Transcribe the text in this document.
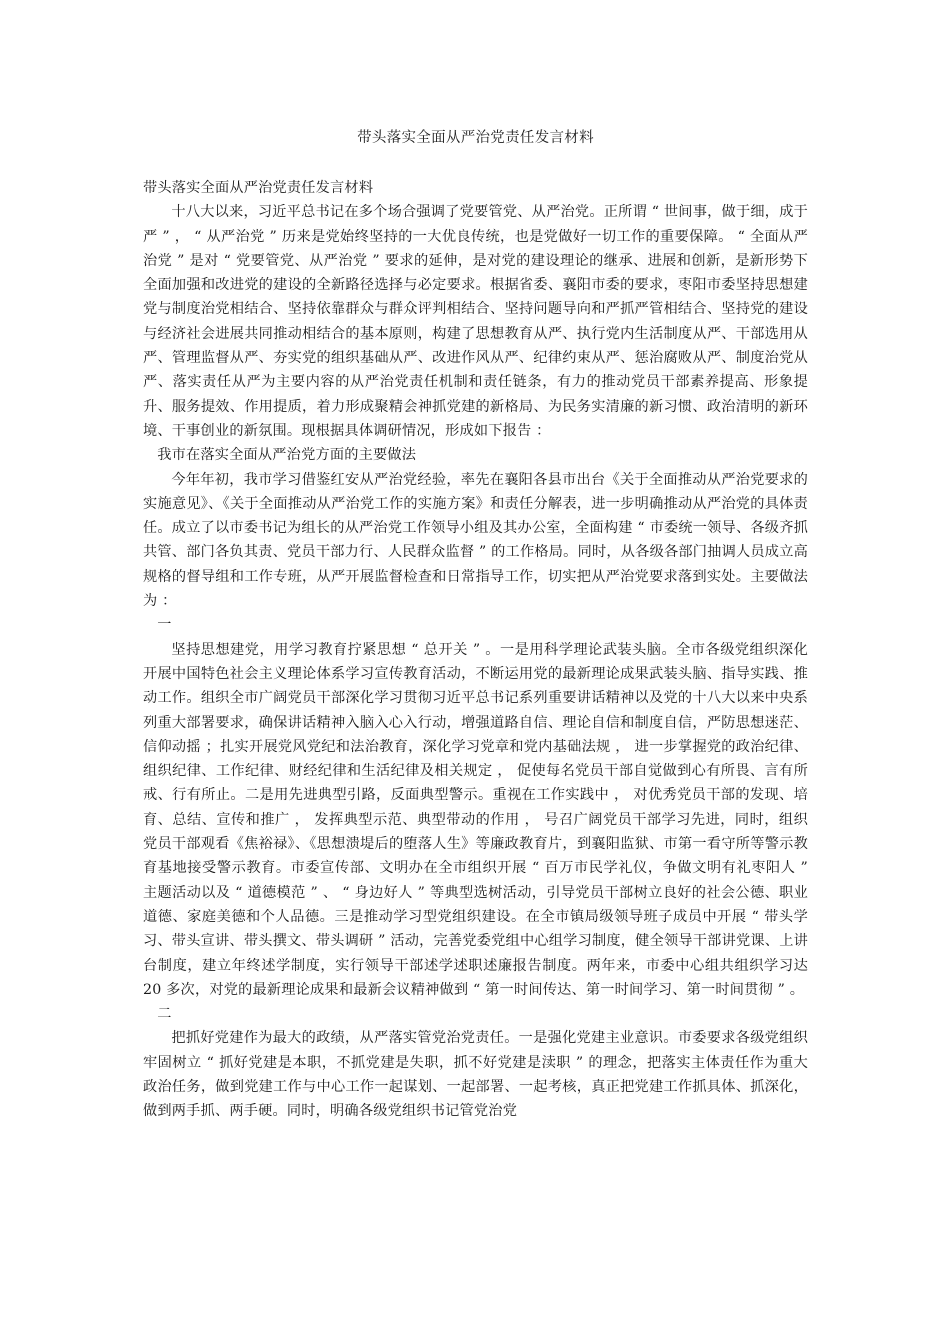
带头落实全面从严治党责任发言材料

带头落实全面从严治党责任发言材料

十八大以来，习近平总书记在多个场合强调了党要管党、从严治党。正所谓 “ 世间事，做于细，成于严 ” ， “ 从严治党 ” 历来是党始终坚持的一大优良传统，也是党做好一切工作的重要保障。 “ 全面从严治党 ” 是对 “ 党要管党、从严治党 ” 要求的延伸，是对党的建设理论的继承、进展和创新，是新形势下全面加强和改进党的建设的全新路径选择与必定要求。根据省委、襄阳市委的要求，枣阳市委坚持思想建党与制度治党相结合、坚持依靠群众与群众评判相结合、坚持问题导向和严抓严管相结合、坚持党的建设与经济社会进展共同推动相结合的基本原则，构建了思想教育从严、执行党内生活制度从严、干部选用从严、管理监督从严、夯实党的组织基础从严、改进作风从严、纪律约束从严、惩治腐败从严、制度治党从严、落实责任从严为主要内容的从严治党责任机制和责任链条，有力的推动党员干部素养提高、形象提升、服务提效、作用提质，着力形成聚精会神抓党建的新格局、为民务实清廉的新习惯、政治清明的新环境、干事创业的新氛围。现根据具体调研情况，形成如下报告 ：

我市在落实全面从严治党方面的主要做法

今年年初，我市学习借鉴红安从严治党经验，率先在襄阳各县市出台《关于全面推动从严治党要求的实施意见》、《关于全面推动从严治党工作的实施方案》和责任分解表，进一步明确推动从严治党的具体责任。成立了以市委书记为组长的从严治党工作领导小组及其办公室，全面构建 “ 市委统一领导、各级齐抓共管、部门各负其责、党员干部力行、人民群众监督 ” 的工作格局。同时，从各级各部门抽调人员成立高规格的督导组和工作专班，从严开展监督检查和日常指导工作，切实把从严治党要求落到实处。主要做法为 ：

一

坚持思想建党，用学习教育拧紧思想 “ 总开关 ” 。一是用科学理论武装头脑。全市各级党组织深化开展中国特色社会主义理论体系学习宣传教育活动，不断运用党的最新理论成果武装头脑、指导实践、推动工作。组织全市广阔党员干部深化学习贯彻习近平总书记系列重要讲话精神以及党的十八大以来中央系列重大部署要求，确保讲话精神入脑入心入行动，增强道路自信、理论自信和制度自信，严防思想迷茫、信仰动摇 ；扎实开展党风党纪和法治教育，深化学习党章和党内基础法规 ， 进一步掌握党的政治纪律、组织纪律、工作纪律、财经纪律和生活纪律及相关规定 ， 促使每名党员干部自觉做到心有所畏、言有所戒、行有所止。二是用先进典型引路，反面典型警示。重视在工作实践中 ， 对优秀党员干部的发现、培育、总结、宣传和推广 ， 发挥典型示范、典型带动的作用 ， 号召广阔党员干部学习先进，同时，组织党员干部观看《焦裕禄》、《思想溃堤后的堕落人生》等廉政教育片，到襄阳监狱、市第一看守所等警示教育基地接受警示教育。市委宣传部、文明办在全市组织开展 “ 百万市民学礼仪，争做文明有礼枣阳人 ” 主题活动以及 “ 道德模范 ” 、 “ 身边好人 ” 等典型选树活动，引导党员干部树立良好的社会公德、职业道德、家庭美德和个人品德。三是推动学习型党组织建设。在全市镇局级领导班子成员中开展 “ 带头学习、带头宣讲、带头撰文、带头调研 ” 活动，完善党委党组中心组学习制度，健全领导干部讲党课、上讲台制度，建立年终述学制度，实行领导干部述学述职述廉报告制度。两年来，市委中心组共组织学习达 20 多次，对党的最新理论成果和最新会议精神做到 “ 第一时间传达、第一时间学习、第一时间贯彻 ” 。

二

把抓好党建作为最大的政绩，从严落实管党治党责任。一是强化党建主业意识。市委要求各级党组织牢固树立 “ 抓好党建是本职，不抓党建是失职，抓不好党建是渎职 ” 的理念，把落实主体责任作为重大政治任务，做到党建工作与中心工作一起谋划、一起部署、一起考核，真正把党建工作抓具体、抓深化，做到两手抓、两手硬。同时，明确各级党组织书记管党治党
